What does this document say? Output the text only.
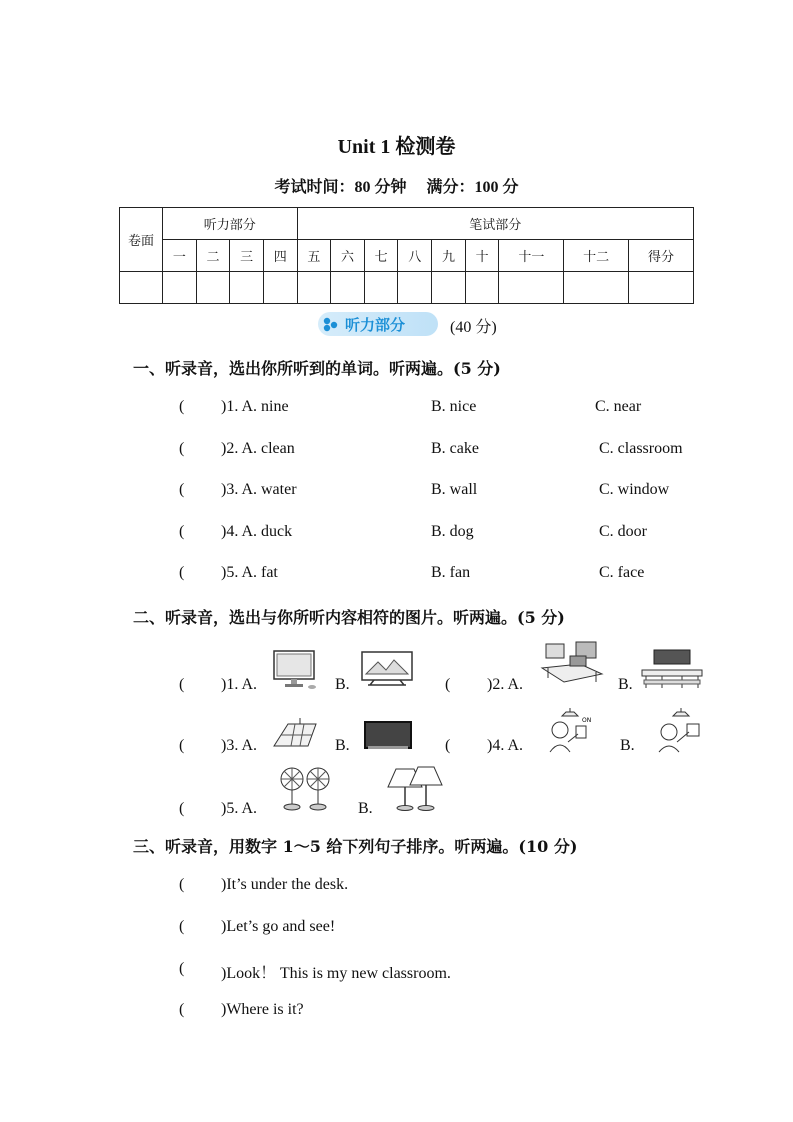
Unit 1 检测卷
考试时间：80 分钟 满分：100 分
卷面	听力部分				笔试部分								
	一	二	三	四	五	六	七	八	九	十	十一	十二	得分

听力部分	(40 分)
一、听录音，选出你所听到的单词。听两遍。(5 分)
( )1. A. nine	B. nice	C. near
( )2. A. clean	B. cake	C. classroom
( )3. A. water	B. wall	C. window
( )4. A. duck	B. dog	C. door
( )5. A. fat	B. fan	C. face
二、听录音，选出与你所听内容相符的图片。听两遍。(5 分)
( )1. A.	B.	( )2. A.	B.
( )3. A.	B.	( )4. A.
ON
B.
( )5. A.	B.
三、听录音，用数字 1～5 给下列句子排序。听两遍。(10 分)
( )It’s under the desk.
( )Let’s go and see!
( )Look！ This is my new classroom.
( )Where is it?
